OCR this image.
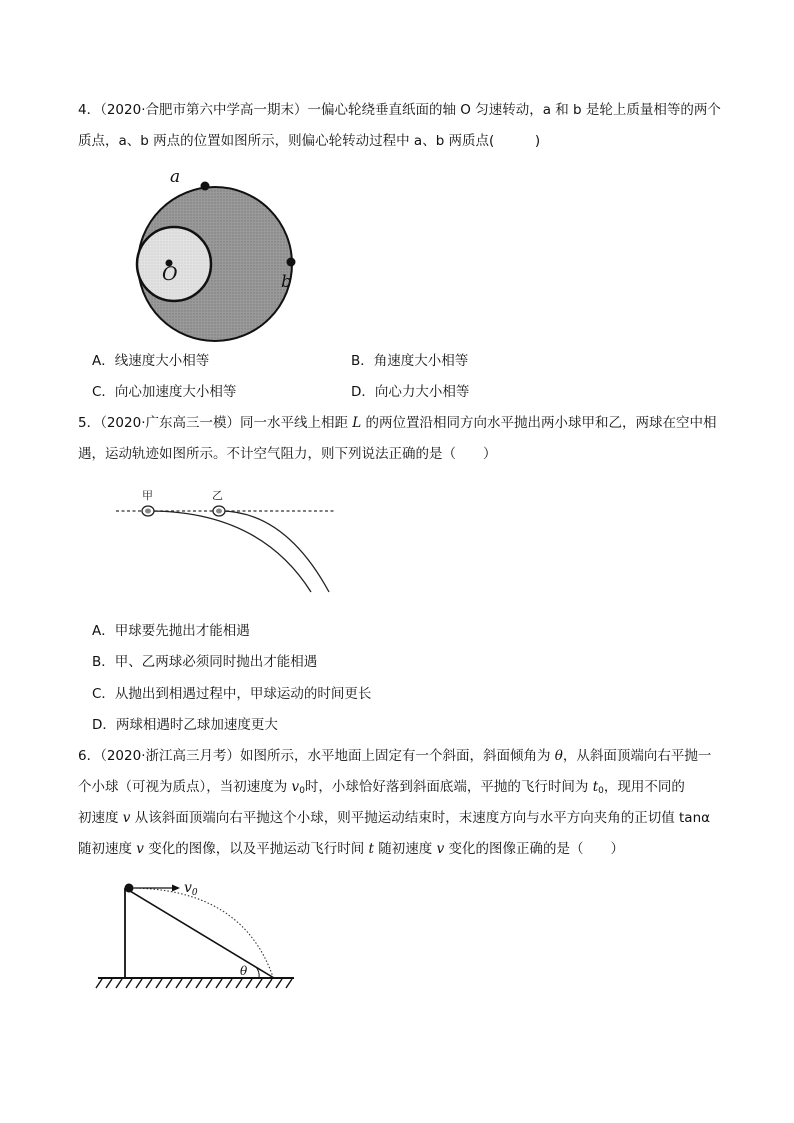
4．（2020·合肥市第六中学高一期末）一偏心轮绕垂直纸面的轴 O 匀速转动，a 和 b 是轮上质量相等的两个
质点，a、b 两点的位置如图所示，则偏心轮转动过程中 a、b 两质点(　　　)
a
b
O
A．线速度大小相等	B．角速度大小相等
C．向心加速度大小相等	D．向心力大小相等
5．（2020·广东高三一模）同一水平线上相距 L 的两位置沿相同方向水平抛出两小球甲和乙，两球在空中相
遇，运动轨迹如图所示。不计空气阻力，则下列说法正确的是（　　）
甲	乙
A．甲球要先抛出才能相遇
B．甲、乙两球必须同时抛出才能相遇
C．从抛出到相遇过程中，甲球运动的时间更长
D．两球相遇时乙球加速度更大
6．（2020·浙江高三月考）如图所示，水平地面上固定有一个斜面，斜面倾角为 θ，从斜面顶端向右平抛一
个小球（可视为质点），当初速度为 $v_0$时，小球恰好落到斜面底端，平抛的飞行时间为 $t_0$，现用不同的
初速度 v 从该斜面顶端向右平抛这个小球，则平抛运动结束时，末速度方向与水平方向夹角的正切值 tanα
随初速度 v 变化的图像，以及平抛运动飞行时间 t 随初速度 v 变化的图像正确的是（　　）
$v_0$
θ
